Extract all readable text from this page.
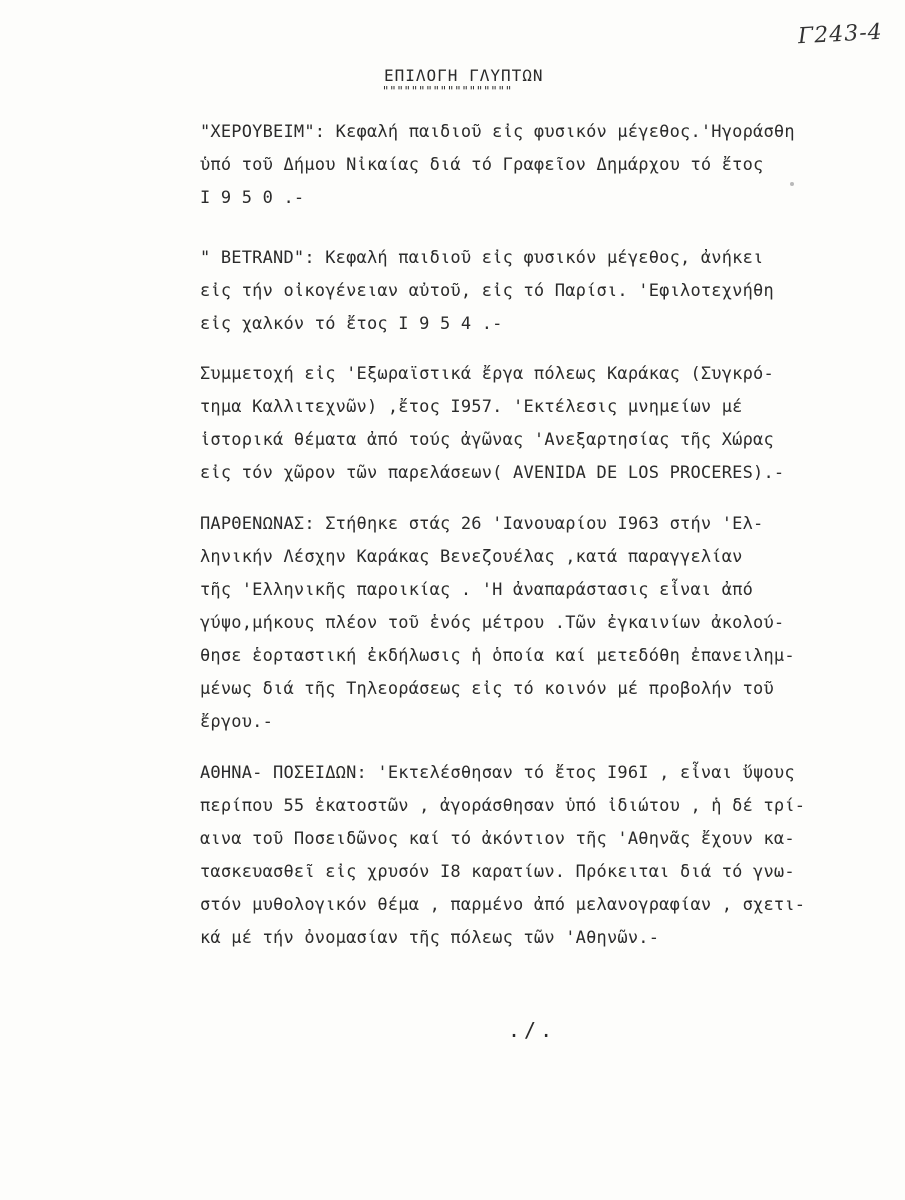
Γ243-4
ΕΠΙΛΟΓΗ ΓΛΥΠΤΩΝ
""""""""""""""""""
"ΧΕΡΟΥΒΕΙΜ": Κεφαλή παιδιοῦ εἰς φυσικόν μέγεθος.'Ηγοράσθη
ὑπό τοῦ Δήμου Νἰκαίας διά τό Γραφεῖον Δημάρχου τό ἔτος
Ι 9 5 0 .-
" BETRAND": Κεφαλή παιδιοῦ εἰς φυσικόν μέγεθος, ἀνήκει
εἰς τήν οἰκογένειαν αὐτοῦ, εἰς τό Παρίσι. 'Εφιλοτεχνήθη
εἰς χαλκόν τό ἔτος Ι 9 5 4 .-
Συμμετοχή εἰς 'Εξωραϊστικά ἔργα πόλεως Καράκας (Συγκρό-
τημα Καλλιτεχνῶν) ,ἔτος Ι957. 'Εκτέλεσις μνημείων μέ
ἱστορικά θέματα ἀπό τούς ἀγῶνας 'Ανεξαρτησίας τῆς Χώρας
εἰς τόν χῶρον τῶν παρελάσεων( AVENIDA DE LOS PROCERES).-
ΠΑΡΘΕΝΩΝΑΣ: Στήθηκε στάς 26 'Ιανουαρίου Ι963 στήν 'Ελ-
ληνικήν Λέσχην Καράκας Βενεζουέλας ,κατά παραγγελίαν
τῆς 'Ελληνικῆς παροικίας . 'Η ἀναπαράστασις εἶναι ἀπό
γύψο,μήκους πλέον τοῦ ἑνός μέτρου .Τῶν ἐγκαινίων ἀκολού-
θησε ἑορταστική ἐκδήλωσις ἡ ὁποία καί μετεδόθη ἐπανειλημ-
μένως διά τῆς Τηλεοράσεως εἰς τό κοινόν μέ προβολήν τοῦ
ἔργου.-
ΑΘΗΝΑ- ΠΟΣΕΙΔΩΝ: 'Εκτελέσθησαν τό ἔτος Ι96Ι , εἶναι ὕψους
περίπου 55 ἑκατοστῶν , ἀγοράσθησαν ὑπό ἰδιώτου , ἡ δέ τρί-
αινα τοῦ Ποσειδῶνος καί τό ἀκόντιον τῆς 'Αθηνᾶς ἔχουν κα-
τασκευασθεῖ εἰς χρυσόν Ι8 καρατίων. Πρόκειται διά τό γνω-
στόν μυθολογικόν θέμα , παρμένο ἀπό μελανογραφίαν , σχετι-
κά μέ τήν ὀνομασίαν τῆς πόλεως τῶν 'Αθηνῶν.-
./.
